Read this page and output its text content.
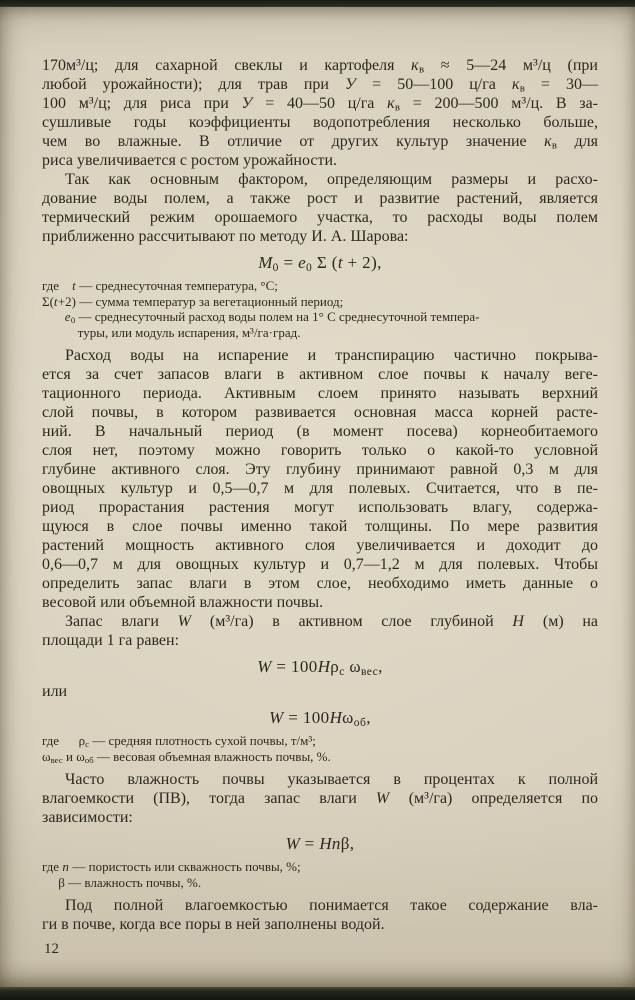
170м³/ц; для сахарной свеклы и картофеля $к_в$ ≈ 5—24 м³/ц (при
любой урожайности); для трав при У = 50—100 ц/га $к_в$ = 30—
100 м³/ц; для риса при У = 40—50 ц/га $к_в$ = 200—500 м³/ц. В за-
сушливые годы коэффициенты водопотребления несколько больше,
чем во влажные. В отличие от других культур значение $к_в$ для
риса увеличивается с ростом урожайности.
Так как основным фактором, определяющим размеры и расхо-
дование воды полем, а также рост и развитие растений, является
термический режим орошаемого участка, то расходы воды полем
приближенно рассчитывают по методу И. А. Шарова:
$M_0 = e_0$ Σ (t + 2),
где    t — среднесуточная температура, °С;
Σ(t+2) — сумма температур за вегетационный период;
$e_0$ — среднесуточный расход воды полем на 1° С среднесуточной темпера-
туры, или модуль испарения, м³/га·град.
Расход воды на испарение и транспирацию частично покрыва-
ется за счет запасов влаги в активном слое почвы к началу веге-
тационного периода. Активным слоем принято называть верхний
слой почвы, в котором развивается основная масса корней расте-
ний. В начальный период (в момент посева) корнеобитаемого
слоя нет, поэтому можно говорить только о какой-то условной
глубине активного слоя. Эту глубину принимают равной 0,3 м для
овощных культур и 0,5—0,7 м для полевых. Считается, что в пе-
риод прорастания растения могут использовать влагу, содержа-
щуюся в слое почвы именно такой толщины. По мере развития
растений мощность активного слоя увеличивается и доходит до
0,6—0,7 м для овощных культур и 0,7—1,2 м для полевых. Чтобы
определить запас влаги в этом слое, необходимо иметь данные о
весовой или объемной влажности почвы.
Запас влаги W (м³/га) в активном слое глубиной Н (м) на
площади 1 га равен:
$W = 100H\rho_с$ $\omega_{вес}$,
или
$W = 100H\omega_{об}$,
где      $\rho_с$ — средняя плотность сухой почвы, т/м³;
$\omega_{вес}$ и $\omega_{об}$ — весовая объемная влажность почвы, %.
Часто влажность почвы указывается в процентах к полной
влагоемкости (ПВ), тогда запас влаги W (м³/га) определяется по
зависимости:
W = Hnβ,
где n — пористость или скважность почвы, %;
β — влажность почвы, %.
Под полной влагоемкостью понимается такое содержание вла-
ги в почве, когда все поры в ней заполнены водой.
12
